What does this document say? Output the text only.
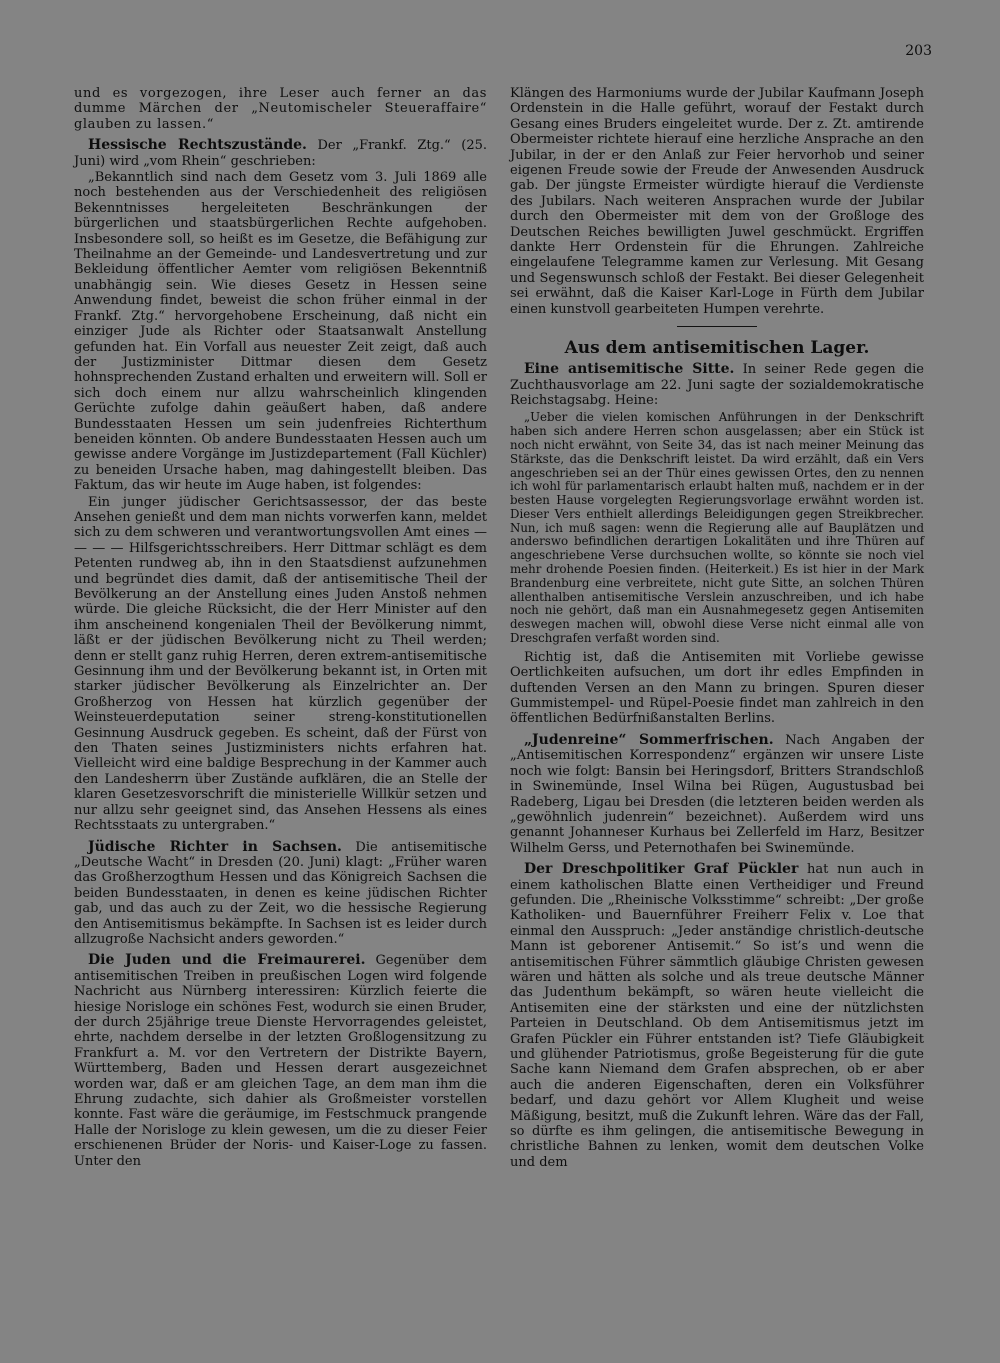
203

und es vorgezogen, ihre Leser auch ferner an das dumme Märchen der „Neutomischeler Steueraffaire“ glauben zu lassen.“

Hessische Rechtszustände. Der „Frankf. Ztg.“ (25. Juni) wird „vom Rhein“ geschrieben:

„Bekanntlich sind nach dem Gesetz vom 3. Juli 1869 alle noch bestehenden aus der Verschiedenheit des religiösen Bekenntnisses hergeleiteten Beschränkungen der bürgerlichen und staatsbürgerlichen Rechte aufgehoben. Insbesondere soll, so heißt es im Gesetze, die Befähigung zur Theilnahme an der Gemeinde- und Landesvertretung und zur Bekleidung öffentlicher Aemter vom religiösen Bekenntniß unabhängig sein. Wie dieses Gesetz in Hessen seine Anwendung findet, beweist die schon früher einmal in der Frankf. Ztg.“ hervorgehobene Erscheinung, daß nicht ein einziger Jude als Richter oder Staatsanwalt Anstellung gefunden hat. Ein Vorfall aus neuester Zeit zeigt, daß auch der Justizminister Dittmar diesen dem Gesetz hohnsprechenden Zustand erhalten und erweitern will. Soll er sich doch einem nur allzu wahrscheinlich klingenden Gerüchte zufolge dahin geäußert haben, daß andere Bundesstaaten Hessen um sein judenfreies Richterthum beneiden könnten. Ob andere Bundesstaaten Hessen auch um gewisse andere Vorgänge im Justizdepartement (Fall Küchler) zu beneiden Ursache haben, mag dahingestellt bleiben. Das Faktum, das wir heute im Auge haben, ist folgendes:

Ein junger jüdischer Gerichtsassessor, der das beste Ansehen genießt und dem man nichts vorwerfen kann, meldet sich zu dem schweren und verantwortungsvollen Amt eines — — — — Hilfsgerichtsschreibers. Herr Dittmar schlägt es dem Petenten rundweg ab, ihn in den Staatsdienst aufzunehmen und begründet dies damit, daß der antisemitische Theil der Bevölkerung an der Anstellung eines Juden Anstoß nehmen würde. Die gleiche Rücksicht, die der Herr Minister auf den ihm anscheinend kongenialen Theil der Bevölkerung nimmt, läßt er der jüdischen Bevölkerung nicht zu Theil werden; denn er stellt ganz ruhig Herren, deren extrem-antisemitische Gesinnung ihm und der Bevölkerung bekannt ist, in Orten mit starker jüdischer Bevölkerung als Einzelrichter an. Der Großherzog von Hessen hat kürzlich gegenüber der Weinsteuerdeputation seiner streng-konstitutionellen Gesinnung Ausdruck gegeben. Es scheint, daß der Fürst von den Thaten seines Justizministers nichts erfahren hat. Vielleicht wird eine baldige Besprechung in der Kammer auch den Landesherrn über Zustände aufklären, die an Stelle der klaren Gesetzesvorschrift die ministerielle Willkür setzen und nur allzu sehr geeignet sind, das Ansehen Hessens als eines Rechtsstaats zu untergraben.“

Jüdische Richter in Sachsen. Die antisemitische „Deutsche Wacht“ in Dresden (20. Juni) klagt: „Früher waren das Großherzogthum Hessen und das Königreich Sachsen die beiden Bundesstaaten, in denen es keine jüdischen Richter gab, und das auch zu der Zeit, wo die hessische Regierung den Antisemitismus bekämpfte. In Sachsen ist es leider durch allzugroße Nachsicht anders geworden.“

Die Juden und die Freimaurerei. Gegenüber dem antisemitischen Treiben in preußischen Logen wird folgende Nachricht aus Nürnberg interessiren: Kürzlich feierte die hiesige Norisloge ein schönes Fest, wodurch sie einen Bruder, der durch 25jährige treue Dienste Hervorragendes geleistet, ehrte, nachdem derselbe in der letzten Großlogensitzung zu Frankfurt a. M. vor den Vertretern der Distrikte Bayern, Württemberg, Baden und Hessen derart ausgezeichnet worden war, daß er am gleichen Tage, an dem man ihm die Ehrung zudachte, sich dahier als Großmeister vorstellen konnte. Fast wäre die geräumige, im Festschmuck prangende Halle der Norisloge zu klein gewesen, um die zu dieser Feier erschienenen Brüder der Noris- und Kaiser-Loge zu fassen. Unter den

Klängen des Harmoniums wurde der Jubilar Kaufmann Joseph Ordenstein in die Halle geführt, worauf der Festakt durch Gesang eines Bruders eingeleitet wurde. Der z. Zt. amtirende Obermeister richtete hierauf eine herzliche Ansprache an den Jubilar, in der er den Anlaß zur Feier hervorhob und seiner eigenen Freude sowie der Freude der Anwesenden Ausdruck gab. Der jüngste Ermeister würdigte hierauf die Verdienste des Jubilars. Nach weiteren Ansprachen wurde der Jubilar durch den Obermeister mit dem von der Großloge des Deutschen Reiches bewilligten Juwel geschmückt. Ergriffen dankte Herr Ordenstein für die Ehrungen. Zahlreiche eingelaufene Telegramme kamen zur Verlesung. Mit Gesang und Segenswunsch schloß der Festakt. Bei dieser Gelegenheit sei erwähnt, daß die Kaiser Karl-Loge in Fürth dem Jubilar einen kunstvoll gearbeiteten Humpen verehrte.

Aus dem antisemitischen Lager.

Eine antisemitische Sitte. In seiner Rede gegen die Zuchthausvorlage am 22. Juni sagte der sozialdemokratische Reichstagsabg. Heine:

„Ueber die vielen komischen Anführungen in der Denkschrift haben sich andere Herren schon ausgelassen; aber ein Stück ist noch nicht erwähnt, von Seite 34, das ist nach meiner Meinung das Stärkste, das die Denkschrift leistet. Da wird erzählt, daß ein Vers angeschrieben sei an der Thür eines gewissen Ortes, den zu nennen ich wohl für parlamentarisch erlaubt halten muß, nachdem er in der besten Hause vorgelegten Regierungsvorlage erwähnt worden ist. Dieser Vers enthielt allerdings Beleidigungen gegen Streikbrecher. Nun, ich muß sagen: wenn die Regierung alle auf Bauplätzen und anderswo befindlichen derartigen Lokalitäten und ihre Thüren auf angeschriebene Verse durchsuchen wollte, so könnte sie noch viel mehr drohende Poesien finden. (Heiterkeit.) Es ist hier in der Mark Brandenburg eine verbreitete, nicht gute Sitte, an solchen Thüren allenthalben antisemitische Verslein anzuschreiben, und ich habe noch nie gehört, daß man ein Ausnahmegesetz gegen Antisemiten deswegen machen will, obwohl diese Verse nicht einmal alle von Dreschgrafen verfaßt worden sind.

Richtig ist, daß die Antisemiten mit Vorliebe gewisse Oertlichkeiten aufsuchen, um dort ihr edles Empfinden in duftenden Versen an den Mann zu bringen. Spuren dieser Gummistempel- und Rüpel-Poesie findet man zahlreich in den öffentlichen Bedürfnißanstalten Berlins.

„Judenreine“ Sommerfrischen. Nach Angaben der „Antisemitischen Korrespondenz“ ergänzen wir unsere Liste noch wie folgt: Bansin bei Heringsdorf, Britters Strandschloß in Swinemünde, Insel Wilna bei Rügen, Augustusbad bei Radeberg, Ligau bei Dresden (die letzteren beiden werden als „gewöhnlich judenrein“ bezeichnet). Außerdem wird uns genannt Johanneser Kurhaus bei Zellerfeld im Harz, Besitzer Wilhelm Gerss, und Peternothafen bei Swinemünde.

Der Dreschpolitiker Graf Pückler hat nun auch in einem katholischen Blatte einen Vertheidiger und Freund gefunden. Die „Rheinische Volksstimme“ schreibt: „Der große Katholiken- und Bauernführer Freiherr Felix v. Loe that einmal den Ausspruch: „Jeder anständige christlich-deutsche Mann ist geborener Antisemit.“ So ist’s und wenn die antisemitischen Führer sämmtlich gläubige Christen gewesen wären und hätten als solche und als treue deutsche Männer das Judenthum bekämpft, so wären heute vielleicht die Antisemiten eine der stärksten und eine der nützlichsten Parteien in Deutschland. Ob dem Antisemitismus jetzt im Grafen Pückler ein Führer entstanden ist? Tiefe Gläubigkeit und glühender Patriotismus, große Begeisterung für die gute Sache kann Niemand dem Grafen absprechen, ob er aber auch die anderen Eigenschaften, deren ein Volksführer bedarf, und dazu gehört vor Allem Klugheit und weise Mäßigung, besitzt, muß die Zukunft lehren. Wäre das der Fall, so dürfte es ihm gelingen, die antisemitische Bewegung in christliche Bahnen zu lenken, womit dem deutschen Volke und dem
